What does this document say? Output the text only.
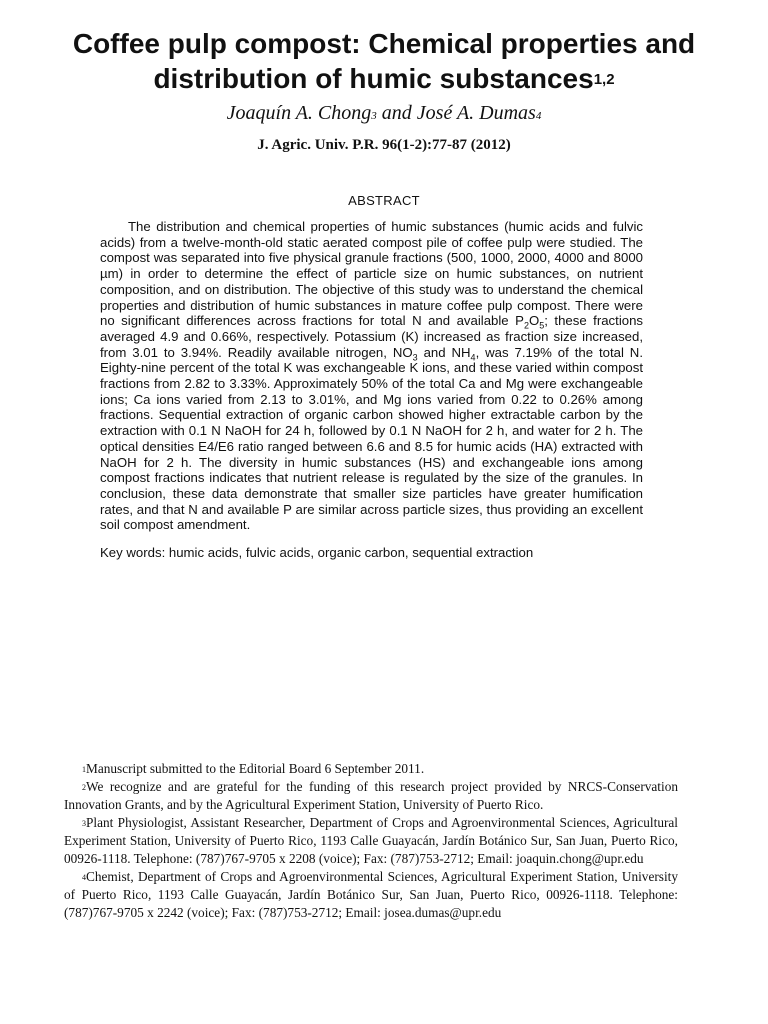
Coffee pulp compost: Chemical properties and distribution of humic substances$^{1,2}$
Joaquín A. Chong$^3$ and José A. Dumas$^4$
J. Agric. Univ. P.R. 96(1-2):77-87 (2012)
ABSTRACT

The distribution and chemical properties of humic substances (humic acids and fulvic acids) from a twelve-month-old static aerated compost pile of coffee pulp were studied. The compost was separated into five physical granule fractions (500, 1000, 2000, 4000 and 8000 µm) in order to determine the effect of particle size on humic substances, on nutrient composition, and on distribution. The objective of this study was to understand the chemical properties and distribution of humic substances in mature coffee pulp compost. There were no significant differences across fractions for total N and available $P_2O_5$; these fractions averaged 4.9 and 0.66%, respectively. Potassium (K) increased as fraction size increased, from 3.01 to 3.94%. Readily available nitrogen, $NO_3$ and $NH_4$, was 7.19% of the total N. Eighty-nine percent of the total K was exchangeable K ions, and these varied within compost fractions from 2.82 to 3.33%. Approximately 50% of the total Ca and Mg were exchangeable ions; Ca ions varied from 2.13 to 3.01%, and Mg ions varied from 0.22 to 0.26% among fractions. Sequential extraction of organic carbon showed higher extractable carbon by the extraction with 0.1 N NaOH for 24 h, followed by 0.1 N NaOH for 2 h, and water for 2 h. The optical densities E4/E6 ratio ranged between 6.6 and 8.5 for humic acids (HA) extracted with NaOH for 2 h. The diversity in humic substances (HS) and exchangeable ions among compost fractions indicates that nutrient release is regulated by the size of the granules. In conclusion, these data demonstrate that smaller size particles have greater humification rates, and that N and available P are similar across particle sizes, thus providing an excellent soil compost amendment.

Key words: humic acids, fulvic acids, organic carbon, sequential extraction

$^1$Manuscript submitted to the Editorial Board 6 September 2011.

$^2$We recognize and are grateful for the funding of this research project provided by NRCS-Conservation Innovation Grants, and by the Agricultural Experiment Station, University of Puerto Rico.

$^3$Plant Physiologist, Assistant Researcher, Department of Crops and Agroenvironmental Sciences, Agricultural Experiment Station, University of Puerto Rico, 1193 Calle Guayacán, Jardín Botánico Sur, San Juan, Puerto Rico, 00926-1118. Telephone: (787)767-9705 x 2208 (voice); Fax: (787)753-2712; Email: joaquin.chong@upr.edu

$^4$Chemist, Department of Crops and Agroenvironmental Sciences, Agricultural Experiment Station, University of Puerto Rico, 1193 Calle Guayacán, Jardín Botánico Sur, San Juan, Puerto Rico, 00926-1118. Telephone: (787)767-9705 x 2242 (voice); Fax: (787)753-2712; Email: josea.dumas@upr.edu
